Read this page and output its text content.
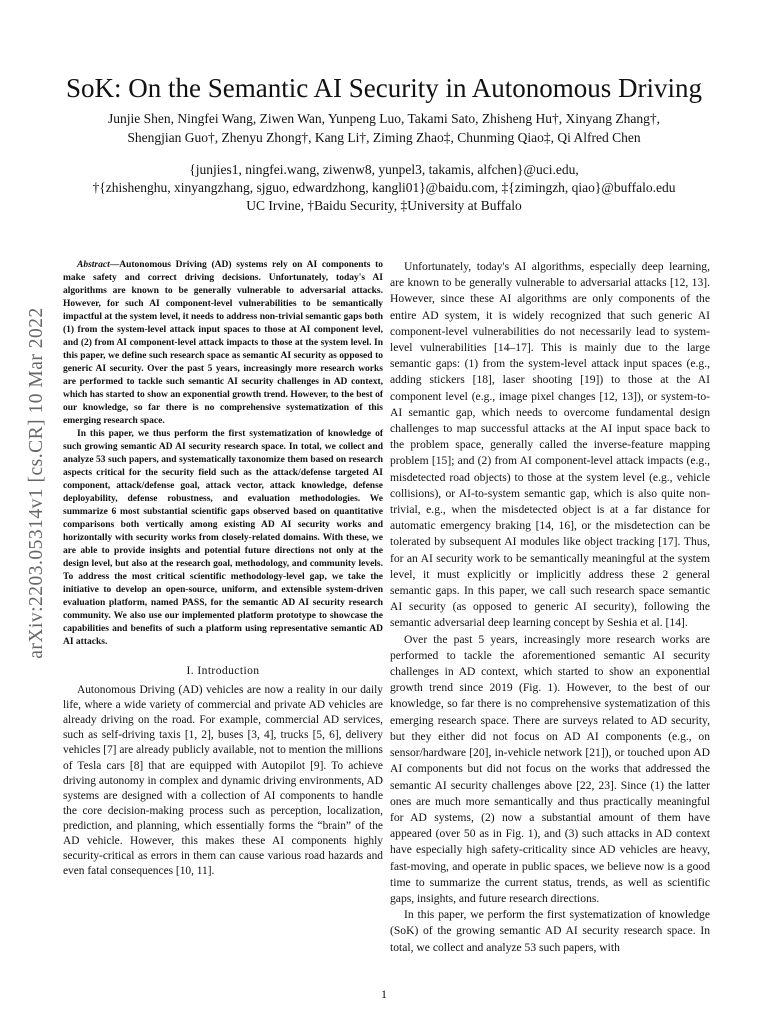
SoK: On the Semantic AI Security in Autonomous Driving
Junjie Shen, Ningfei Wang, Ziwen Wan, Yunpeng Luo, Takami Sato, Zhisheng Hu†, Xinyang Zhang†,
Shengjian Guo†, Zhenyu Zhong†, Kang Li†, Ziming Zhao‡, Chunming Qiao‡, Qi Alfred Chen
{junjies1, ningfei.wang, ziwenw8, yunpel3, takamis, alfchen}@uci.edu,
†{zhishenghu, xinyangzhang, sjguo, edwardzhong, kangli01}@baidu.com, ‡{zimingzh, qiao}@buffalo.edu
UC Irvine, †Baidu Security, ‡University at Buffalo
arXiv:2203.05314v1 [cs.CR] 10 Mar 2022

Abstract—Autonomous Driving (AD) systems rely on AI components to make safety and correct driving decisions. Unfortunately, today's AI algorithms are known to be generally vulnerable to adversarial attacks. However, for such AI component-level vulnerabilities to be semantically impactful at the system level, it needs to address non-trivial semantic gaps both (1) from the system-level attack input spaces to those at AI component level, and (2) from AI component-level attack impacts to those at the system level. In this paper, we define such research space as semantic AI security as opposed to generic AI security. Over the past 5 years, increasingly more research works are performed to tackle such semantic AI security challenges in AD context, which has started to show an exponential growth trend. However, to the best of our knowledge, so far there is no comprehensive systematization of this emerging research space.

In this paper, we thus perform the first systematization of knowledge of such growing semantic AD AI security research space. In total, we collect and analyze 53 such papers, and systematically taxonomize them based on research aspects critical for the security field such as the attack/defense targeted AI component, attack/defense goal, attack vector, attack knowledge, defense deployability, defense robustness, and evaluation methodologies. We summarize 6 most substantial scientific gaps observed based on quantitative comparisons both vertically among existing AD AI security works and horizontally with security works from closely-related domains. With these, we are able to provide insights and potential future directions not only at the design level, but also at the research goal, methodology, and community levels. To address the most critical scientific methodology-level gap, we take the initiative to develop an open-source, uniform, and extensible system-driven evaluation platform, named PASS, for the semantic AD AI security research community. We also use our implemented platform prototype to showcase the capabilities and benefits of such a platform using representative semantic AD AI attacks.

I. Introduction

Autonomous Driving (AD) vehicles are now a reality in our daily life, where a wide variety of commercial and private AD vehicles are already driving on the road. For example, commercial AD services, such as self-driving taxis [1, 2], buses [3, 4], trucks [5, 6], delivery vehicles [7] are already publicly available, not to mention the millions of Tesla cars [8] that are equipped with Autopilot [9]. To achieve driving autonomy in complex and dynamic driving environments, AD systems are designed with a collection of AI components to handle the core decision-making process such as perception, localization, prediction, and planning, which essentially forms the “brain” of the AD vehicle. However, this makes these AI components highly security-critical as errors in them can cause various road hazards and even fatal consequences [10, 11].

Unfortunately, today's AI algorithms, especially deep learning, are known to be generally vulnerable to adversarial attacks [12, 13]. However, since these AI algorithms are only components of the entire AD system, it is widely recognized that such generic AI component-level vulnerabilities do not necessarily lead to system-level vulnerabilities [14–17]. This is mainly due to the large semantic gaps: (1) from the system-level attack input spaces (e.g., adding stickers [18], laser shooting [19]) to those at the AI component level (e.g., image pixel changes [12, 13]), or system-to-AI semantic gap, which needs to overcome fundamental design challenges to map successful attacks at the AI input space back to the problem space, generally called the inverse-feature mapping problem [15]; and (2) from AI component-level attack impacts (e.g., misdetected road objects) to those at the system level (e.g., vehicle collisions), or AI-to-system semantic gap, which is also quite non-trivial, e.g., when the misdetected object is at a far distance for automatic emergency braking [14, 16], or the misdetection can be tolerated by subsequent AI modules like object tracking [17]. Thus, for an AI security work to be semantically meaningful at the system level, it must explicitly or implicitly address these 2 general semantic gaps. In this paper, we call such research space semantic AI security (as opposed to generic AI security), following the semantic adversarial deep learning concept by Seshia et al. [14].

Over the past 5 years, increasingly more research works are performed to tackle the aforementioned semantic AI security challenges in AD context, which started to show an exponential growth trend since 2019 (Fig. 1). However, to the best of our knowledge, so far there is no comprehensive systematization of this emerging research space. There are surveys related to AD security, but they either did not focus on AD AI components (e.g., on sensor/hardware [20], in-vehicle network [21]), or touched upon AD AI components but did not focus on the works that addressed the semantic AI security challenges above [22, 23]. Since (1) the latter ones are much more semantically and thus practically meaningful for AD systems, (2) now a substantial amount of them have appeared (over 50 as in Fig. 1), and (3) such attacks in AD context have especially high safety-criticality since AD vehicles are heavy, fast-moving, and operate in public spaces, we believe now is a good time to summarize the current status, trends, as well as scientific gaps, insights, and future research directions.

In this paper, we perform the first systematization of knowledge (SoK) of the growing semantic AD AI security research space. In total, we collect and analyze 53 such papers, with

1
